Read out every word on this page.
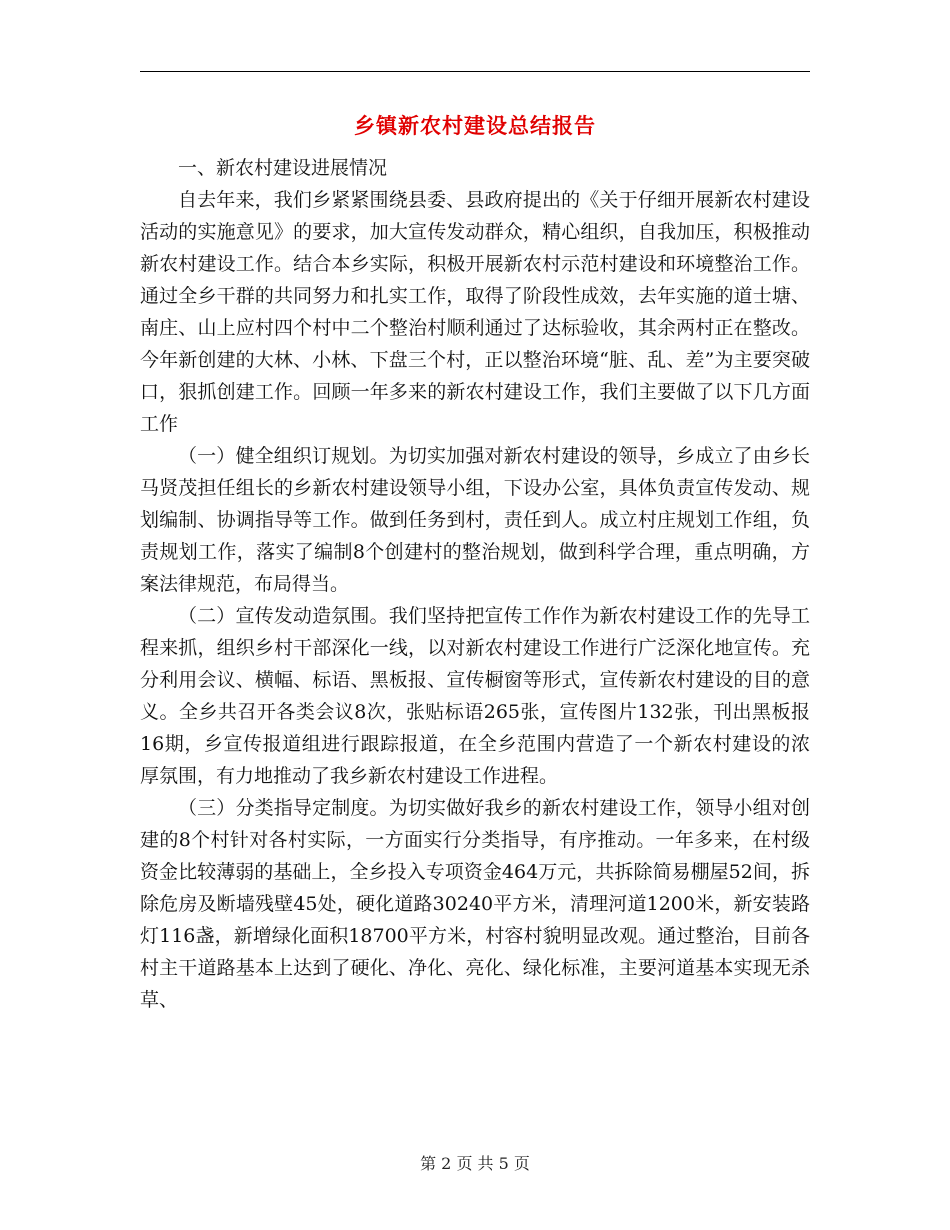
乡镇新农村建设总结报告

一、新农村建设进展情况

自去年来，我们乡紧紧围绕县委、县政府提出的《关于仔细开展新农村建设活动的实施意见》的要求，加大宣传发动群众，精心组织，自我加压，积极推动新农村建设工作。结合本乡实际，积极开展新农村示范村建设和环境整治工作。通过全乡干群的共同努力和扎实工作，取得了阶段性成效，去年实施的道士塘、南庄、山上应村四个村中二个整治村顺利通过了达标验收，其余两村正在整改。今年新创建的大林、小林、下盘三个村，正以整治环境“脏、乱、差”为主要突破口，狠抓创建工作。回顾一年多来的新农村建设工作，我们主要做了以下几方面工作

（一）健全组织订规划。为切实加强对新农村建设的领导，乡成立了由乡长马贤茂担任组长的乡新农村建设领导小组，下设办公室，具体负责宣传发动、规划编制、协调指导等工作。做到任务到村，责任到人。成立村庄规划工作组，负责规划工作，落实了编制8个创建村的整治规划，做到科学合理，重点明确，方案法律规范，布局得当。

（二）宣传发动造氛围。我们坚持把宣传工作作为新农村建设工作的先导工程来抓，组织乡村干部深化一线，以对新农村建设工作进行广泛深化地宣传。充分利用会议、横幅、标语、黑板报、宣传橱窗等形式，宣传新农村建设的目的意义。全乡共召开各类会议8次，张贴标语265张，宣传图片132张，刊出黑板报16期，乡宣传报道组进行跟踪报道，在全乡范围内营造了一个新农村建设的浓厚氛围，有力地推动了我乡新农村建设工作进程。

（三）分类指导定制度。为切实做好我乡的新农村建设工作，领导小组对创建的8个村针对各村实际，一方面实行分类指导，有序推动。一年多来，在村级资金比较薄弱的基础上，全乡投入专项资金464万元，共拆除简易棚屋52间，拆除危房及断墙残壁45处，硬化道路30240平方米，清理河道1200米，新安装路灯116盏，新增绿化面积18700平方米，村容村貌明显改观。通过整治，目前各村主干道路基本上达到了硬化、净化、亮化、绿化标准，主要河道基本实现无杀草、

第 2 页 共 5 页
